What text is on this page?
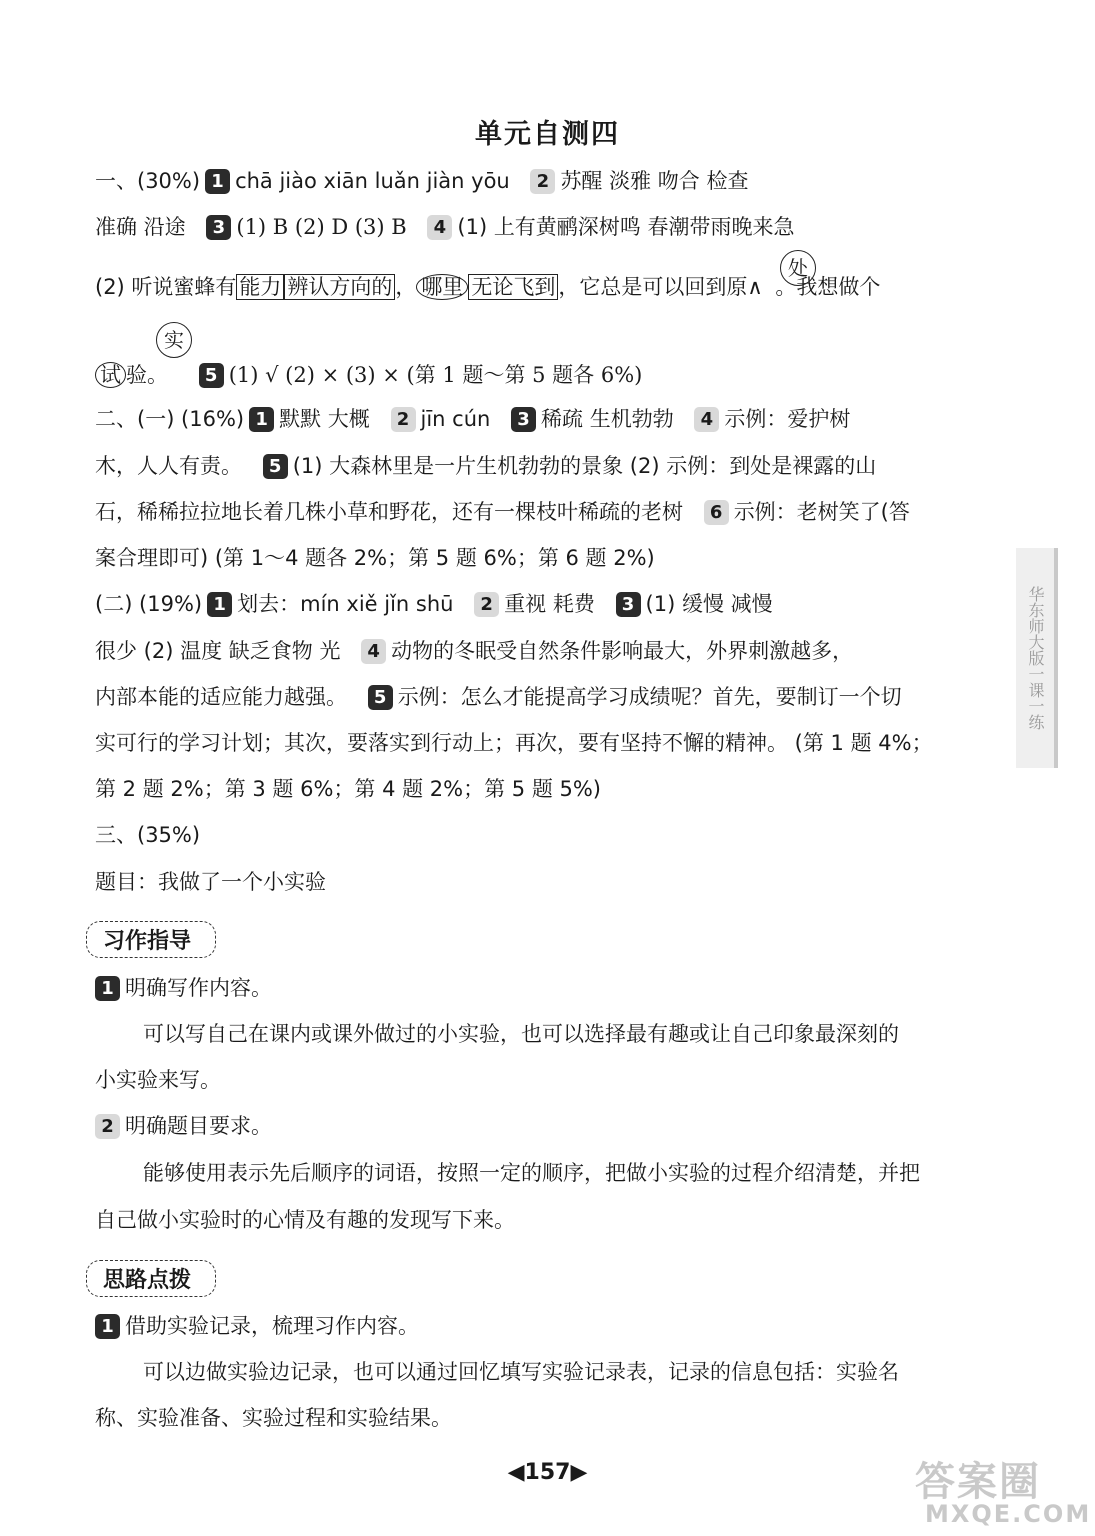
单元自测四
一、(30%) 1 chā jiào xiān luǎn jiàn yōu 2 苏醒 淡雅 吻合 检查
准确 沿途 3 (1) B (2) D (3) B 4 (1) 上有黄鹂深树鸣 春潮带雨晚来急
(2) 听说蜜蜂有 能力 辨认方向的 ， 哪里 无论飞到 ，它总是可以回到原∧ 。我想做个
处
试 验。 5 (1) √ (2) × (3) × (第 1 题～第 5 题各 6%)
实
二、(一) (16%) 1 默默 大概 2 jīn cún 3 稀疏 生机勃勃 4 示例：爱护树
木，人人有责。 5 (1) 大森林里是一片生机勃勃的景象 (2) 示例：到处是裸露的山
石，稀稀拉拉地长着几株小草和野花，还有一棵枝叶稀疏的老树 6 示例：老树笑了(答
案合理即可) (第 1～4 题各 2%；第 5 题 6%；第 6 题 2%)
(二) (19%) 1 划去：mín xiě jǐn shū 2 重视 耗费 3 (1) 缓慢 减慢
很少 (2) 温度 缺乏食物 光 4 动物的冬眠受自然条件影响最大，外界刺激越多，
内部本能的适应能力越强。 5 示例：怎么才能提高学习成绩呢？首先，要制订一个切
实可行的学习计划；其次，要落实到行动上；再次，要有坚持不懈的精神。 (第 1 题 4%；
第 2 题 2%；第 3 题 6%；第 4 题 2%；第 5 题 5%)
三、(35%)
题目：我做了一个小实验
习作指导
1 明确写作内容。
可以写自己在课内或课外做过的小实验，也可以选择最有趣或让自己印象最深刻的
小实验来写。
2 明确题目要求。
能够使用表示先后顺序的词语，按照一定的顺序，把做小实验的过程介绍清楚，并把
自己做小实验时的心情及有趣的发现写下来。
思路点拨
1 借助实验记录，梳理习作内容。
可以边做实验边记录，也可以通过回忆填写实验记录表，记录的信息包括：实验名
称、实验准备、实验过程和实验结果。
华东师大版一课一练
◀157▶	答案圈
MXQE.COM
